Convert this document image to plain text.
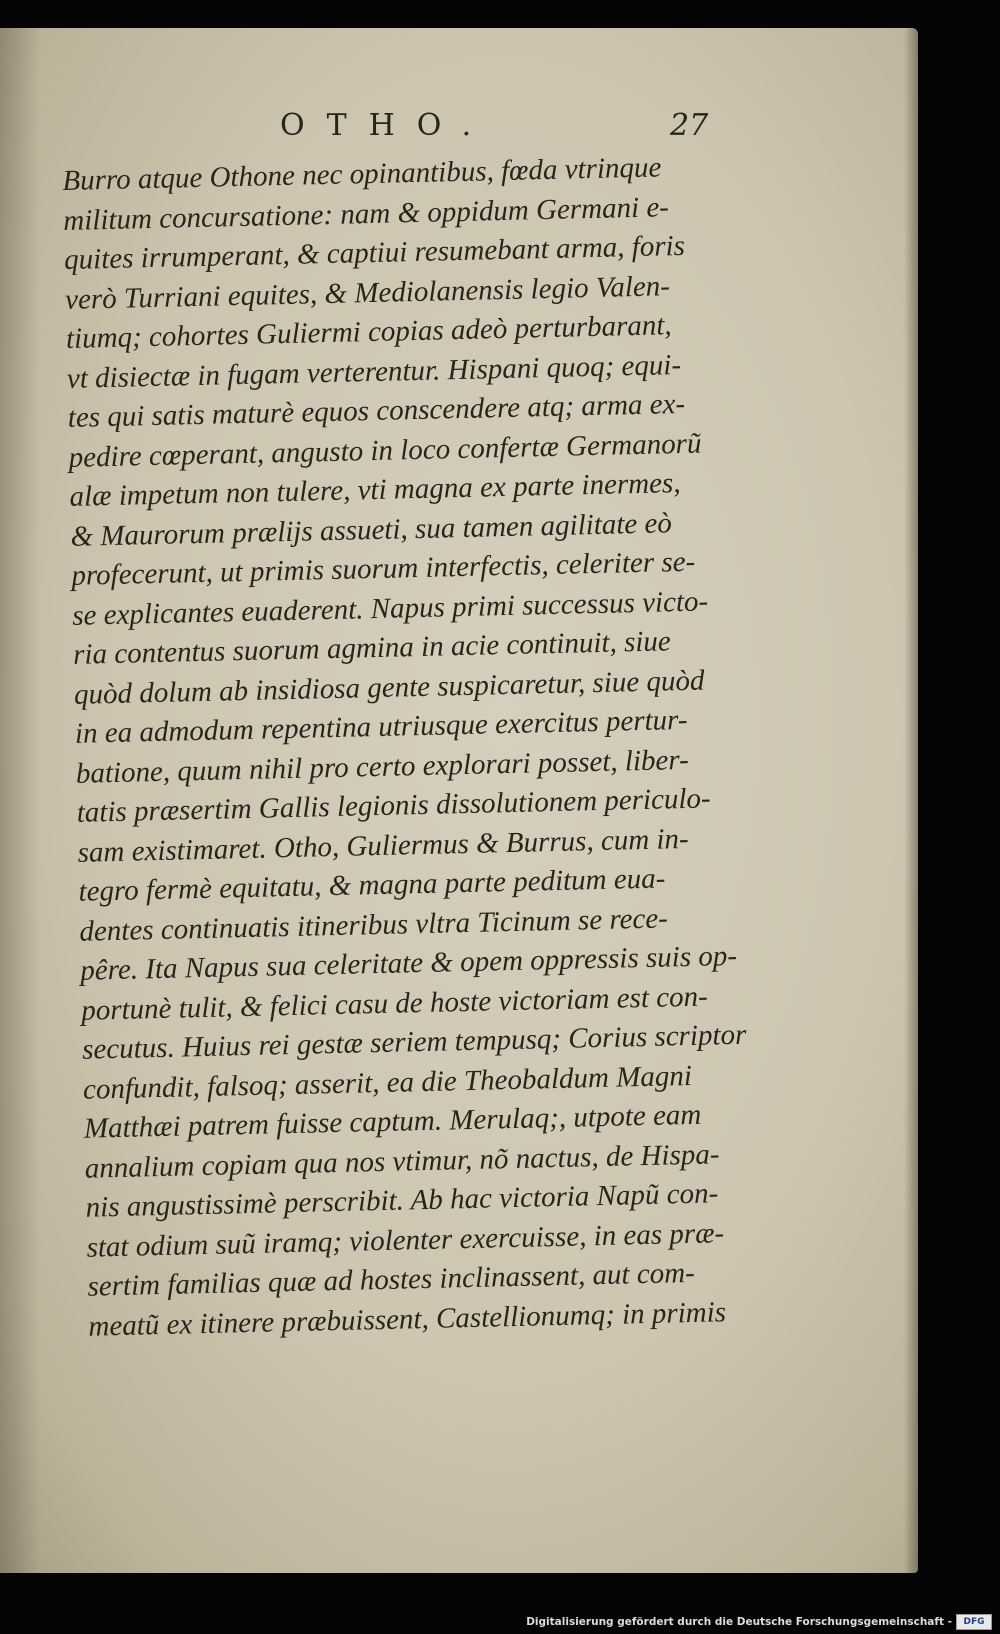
OTHO.	27
Burro atque Othone nec opinantibus, fœda vtrinque
militum concursatione: nam & oppidum Germani e-
quites irrumperant, & captiui resumebant arma, foris
verò Turriani equites, & Mediolanensis legio Valen-
tiumq; cohortes Guliermi copias adeò perturbarant,
vt disiectæ in fugam verterentur. Hispani quoq; equi-
tes qui satis maturè equos conscendere atq; arma ex-
pedire cœperant, angusto in loco confertæ Germanorũ
alæ impetum non tulere, vti magna ex parte inermes,
& Maurorum prælijs assueti, sua tamen agilitate eò
profecerunt, ut primis suorum interfectis, celeriter se-
se explicantes euaderent. Napus primi successus victo-
ria contentus suorum agmina in acie continuit, siue
quòd dolum ab insidiosa gente suspicaretur, siue quòd
in ea admodum repentina utriusque exercitus pertur-
batione, quum nihil pro certo explorari posset, liber-
tatis præsertim Gallis legionis dissolutionem periculo-
sam existimaret. Otho, Guliermus & Burrus, cum in-
tegro fermè equitatu, & magna parte peditum eua-
dentes continuatis itineribus vltra Ticinum se rece-
pêre. Ita Napus sua celeritate & opem oppressis suis op-
portunè tulit, & felici casu de hoste victoriam est con-
secutus. Huius rei gestæ seriem tempusq; Corius scriptor
confundit, falsoq; asserit, ea die Theobaldum Magni
Matthæi patrem fuisse captum. Merulaq;, utpote eam
annalium copiam qua nos vtimur, nõ nactus, de Hispa-
nis angustissimè perscribit. Ab hac victoria Napũ con-
stat odium suũ iramq; violenter exercuisse, in eas præ-
sertim familias quæ ad hostes inclinassent, aut com-
meatũ ex itinere præbuissent, Castellionumq; in primis
Digitalisierung gefördert durch die Deutsche Forschungsgemeinschaft -	DFG
